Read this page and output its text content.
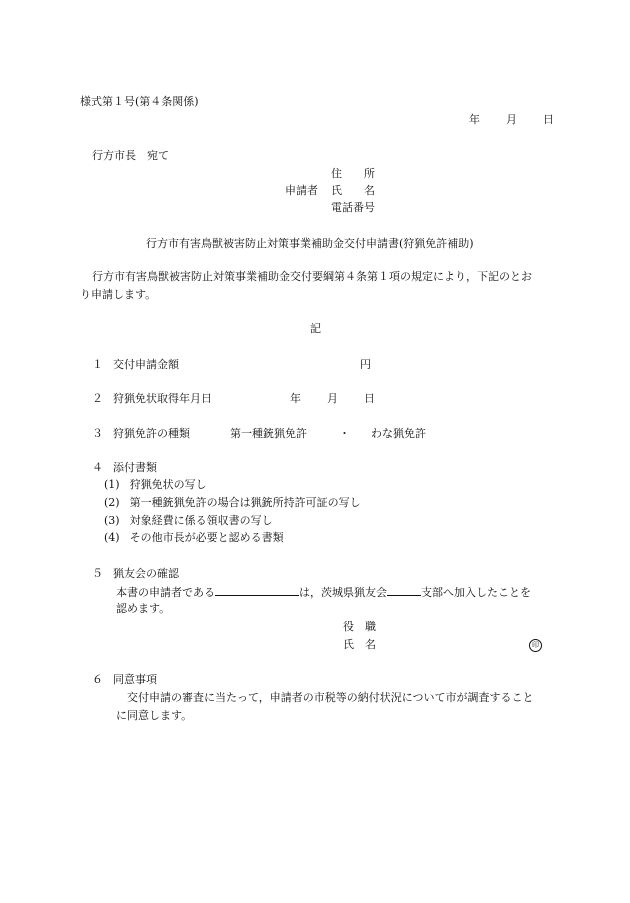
様式第１号(第４条関係)
年 月 日
行方市長　宛て
住　　所
申請者 氏　　名
電話番号
行方市有害鳥獣被害防止対策事業補助金交付申請書(狩猟免許補助)
行方市有害鳥獣被害防止対策事業補助金交付要綱第４条第１項の規定により，下記のとお
り申請します。
記
１ 交付申請金額	円
２ 狩猟免状取得年月日	年 月 日
３ 狩猟免許の種類	第一種銃猟免許	・ わな猟免許
４ 添付書類
(1) 狩猟免状の写し
(2) 第一種銃猟免許の場合は猟銃所持許可証の写し
(3) 対象経費に係る領収書の写し
(4) その他市長が必要と認める書類
５ 猟友会の確認
本書の申請者である	は，茨城県猟友会	支部へ加入したことを
認めます。
役　職
氏　名	印
６ 同意事項
交付申請の審査に当たって，申請者の市税等の納付状況について市が調査すること
に同意します。
